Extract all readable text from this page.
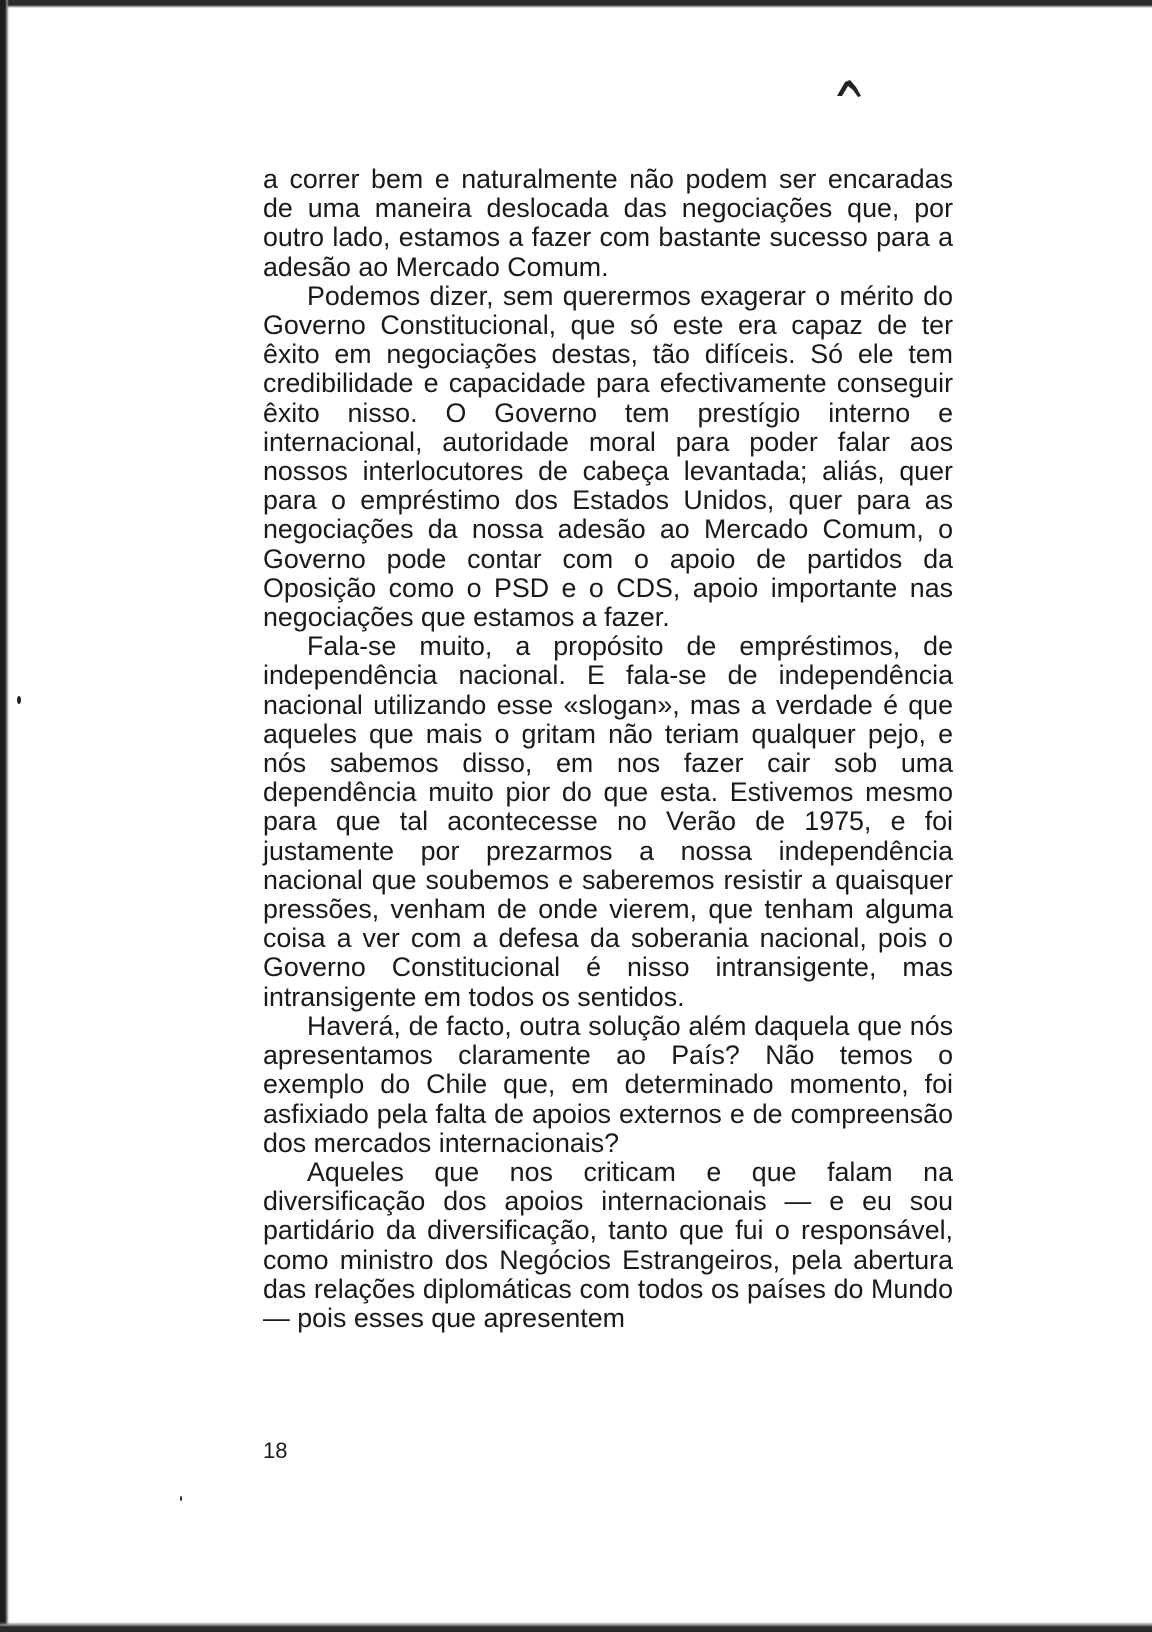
a correr bem e naturalmente não podem ser encaradas de uma maneira deslocada das negociações que, por outro lado, estamos a fazer com bastante sucesso para a adesão ao Mercado Comum.

Podemos dizer, sem querermos exagerar o mérito do Governo Constitucional, que só este era capaz de ter êxito em negociações destas, tão difíceis. Só ele tem credibilidade e capacidade para efectivamente conseguir êxito nisso. O Governo tem prestígio interno e internacional, autoridade moral para poder falar aos nossos interlocutores de cabeça levantada; aliás, quer para o empréstimo dos Estados Unidos, quer para as negociações da nossa adesão ao Mercado Comum, o Governo pode contar com o apoio de partidos da Oposição como o PSD e o CDS, apoio importante nas negociações que estamos a fazer.

Fala-se muito, a propósito de empréstimos, de independência nacional. E fala-se de independência nacional utilizando esse «slogan», mas a verdade é que aqueles que mais o gritam não teriam qualquer pejo, e nós sabemos disso, em nos fazer cair sob uma dependência muito pior do que esta. Estivemos mesmo para que tal acontecesse no Verão de 1975, e foi justamente por prezarmos a nossa independência nacional que soubemos e saberemos resistir a quaisquer pressões, venham de onde vierem, que tenham alguma coisa a ver com a defesa da soberania nacional, pois o Governo Constitucional é nisso intransigente, mas intransigente em todos os sentidos.

Haverá, de facto, outra solução além daquela que nós apresentamos claramente ao País? Não temos o exemplo do Chile que, em determinado momento, foi asfixiado pela falta de apoios externos e de compreensão dos mercados internacionais?

Aqueles que nos criticam e que falam na diversificação dos apoios internacionais — e eu sou partidário da diversificação, tanto que fui o responsável, como ministro dos Negócios Estrangeiros, pela abertura das relações diplomáticas com todos os países do Mundo — pois esses que apresentem

18
